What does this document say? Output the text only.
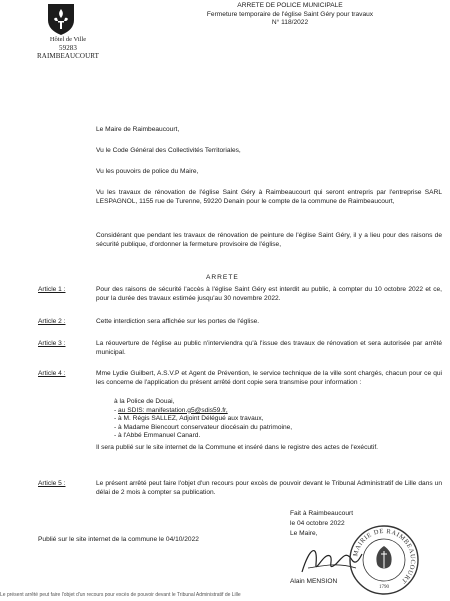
Hôtel de Ville
59283 RAIMBEAUCOURT
ARRETE DE POLICE MUNICIPALE
Fermeture temporaire de l'église Saint Géry pour travaux
N° 118/2022
Le Maire de Raimbeaucourt,
Vu le Code Général des Collectivités Territoriales,
Vu les pouvoirs de police du Maire,
Vu les travaux de rénovation de l'église Saint Géry à Raimbeaucourt qui seront entrepris par l'entreprise SARL LESPAGNOL, 1155 rue de Turenne, 59220 Denain pour le compte de la commune de Raimbeaucourt,
Considérant que pendant les travaux de rénovation de peinture de l'église Saint Géry, il y a lieu pour des raisons de sécurité publique, d'ordonner la fermeture provisoire de l'église,
ARRETE
Article 1 :	Pour des raisons de sécurité l'accès à l'église Saint Géry est interdit au public, à compter du 10 octobre 2022 et ce, pour la durée des travaux estimée jusqu'au 30 novembre 2022.
Article 2 :	Cette interdiction sera affichée sur les portes de l'église.
Article 3 :	La réouverture de l'église au public n'interviendra qu'à l'issue des travaux de rénovation et sera autorisée par arrêté municipal.
Article 4 :	Mme Lydie Guilbert, A.S.V.P et Agent de Prévention, le service technique de la ville sont chargés, chacun pour ce qui les concerne de l'application du présent arrêté dont copie sera transmise pour information :
à la Police de Douai,
- au SDIS: manifestation.g5@sdis59.fr,
- à M. Régis SALLEZ, Adjoint Délégué aux travaux,
- à Madame Biencourt conservateur diocésain du patrimoine,
- à l'Abbé Emmanuel Canard.
Il sera publié sur le site internet de la Commune et inséré dans le registre des actes de l'exécutif.
Article 5 :	Le présent arrêté peut faire l'objet d'un recours pour excès de pouvoir devant le Tribunal Administratif de Lille dans un délai de 2 mois à compter sa publication.
Fait à Raimbeaucourt
le 04 octobre 2022
Le Maire,
Alain MENSION
MAIRIE DE RAIMBEAUCOURT
1790
Publié sur le site internet de la commune le 04/10/2022
Le présent arrêté peut faire l'objet d'un recours pour excès de pouvoir devant le Tribunal Administratif de Lille
